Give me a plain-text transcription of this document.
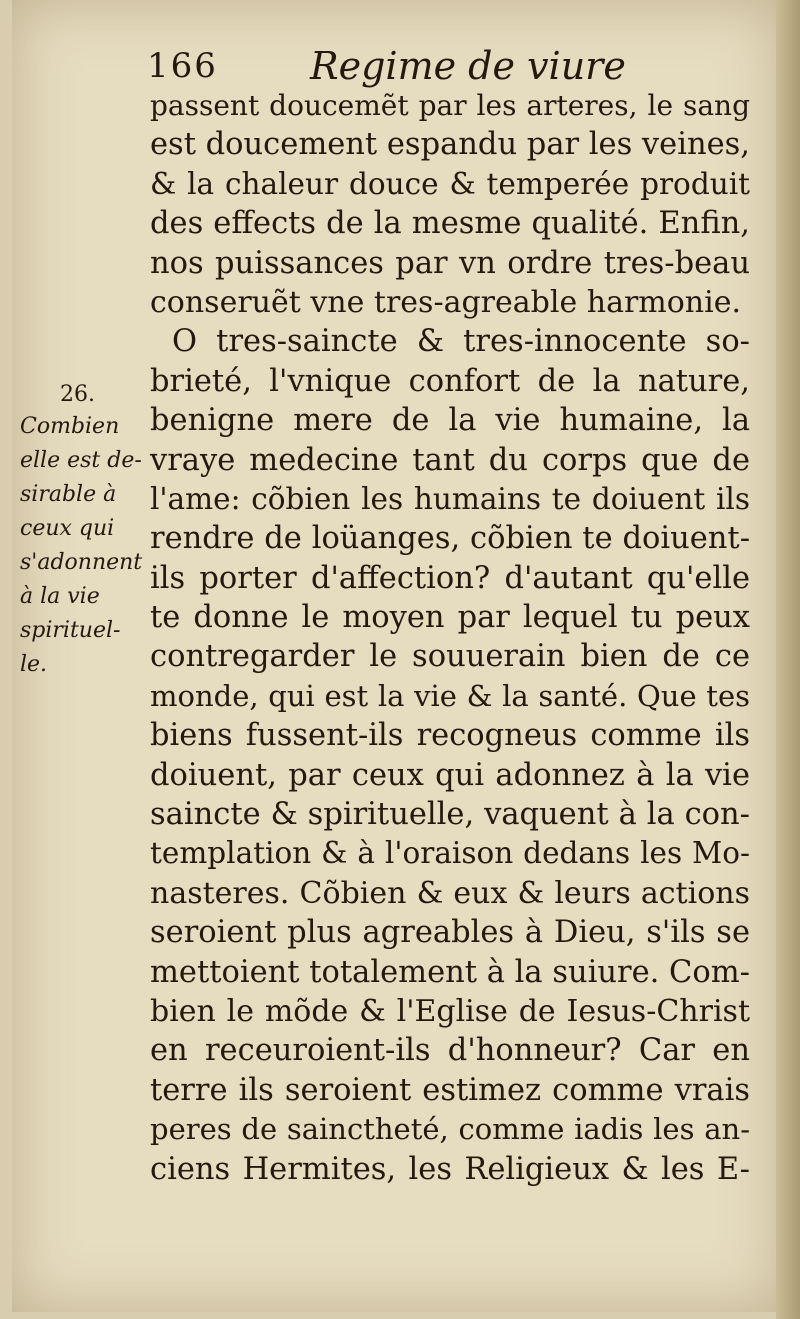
166 Regime de viure
26.
Combien
elle est de-
sirable à
ceux qui
s'adonnent
à la vie
spirituel-
le.
passent doucemẽt par les arteres, le sang
est doucement espandu par les veines,
& la chaleur douce & temperée produit
des effects de la mesme qualité. Enfin,
nos puissances par vn ordre tres-beau
conseruẽt vne tres-agreable harmonie.
O tres-saincte & tres-innocente so-
brieté, l'vnique confort de la nature,
benigne mere de la vie humaine, la
vraye medecine tant du corps que de
l'ame: cõbien les humains te doiuent ils
rendre de loüanges, cõbien te doiuent-
ils porter d'affection? d'autant qu'elle
te donne le moyen par lequel tu peux
contregarder le souuerain bien de ce
monde, qui est la vie & la santé. Que tes
biens fussent-ils recogneus comme ils
doiuent, par ceux qui adonnez à la vie
saincte & spirituelle, vaquent à la con-
templation & à l'oraison dedans les Mo-
nasteres. Cõbien & eux & leurs actions
seroient plus agreables à Dieu, s'ils se
mettoient totalement à la suiure. Com-
bien le mõde & l'Eglise de Iesus-Christ
en receuroient-ils d'honneur? Car en
terre ils seroient estimez comme vrais
peres de sainctheté, comme iadis les an-
ciens Hermites, les Religieux & les E-
